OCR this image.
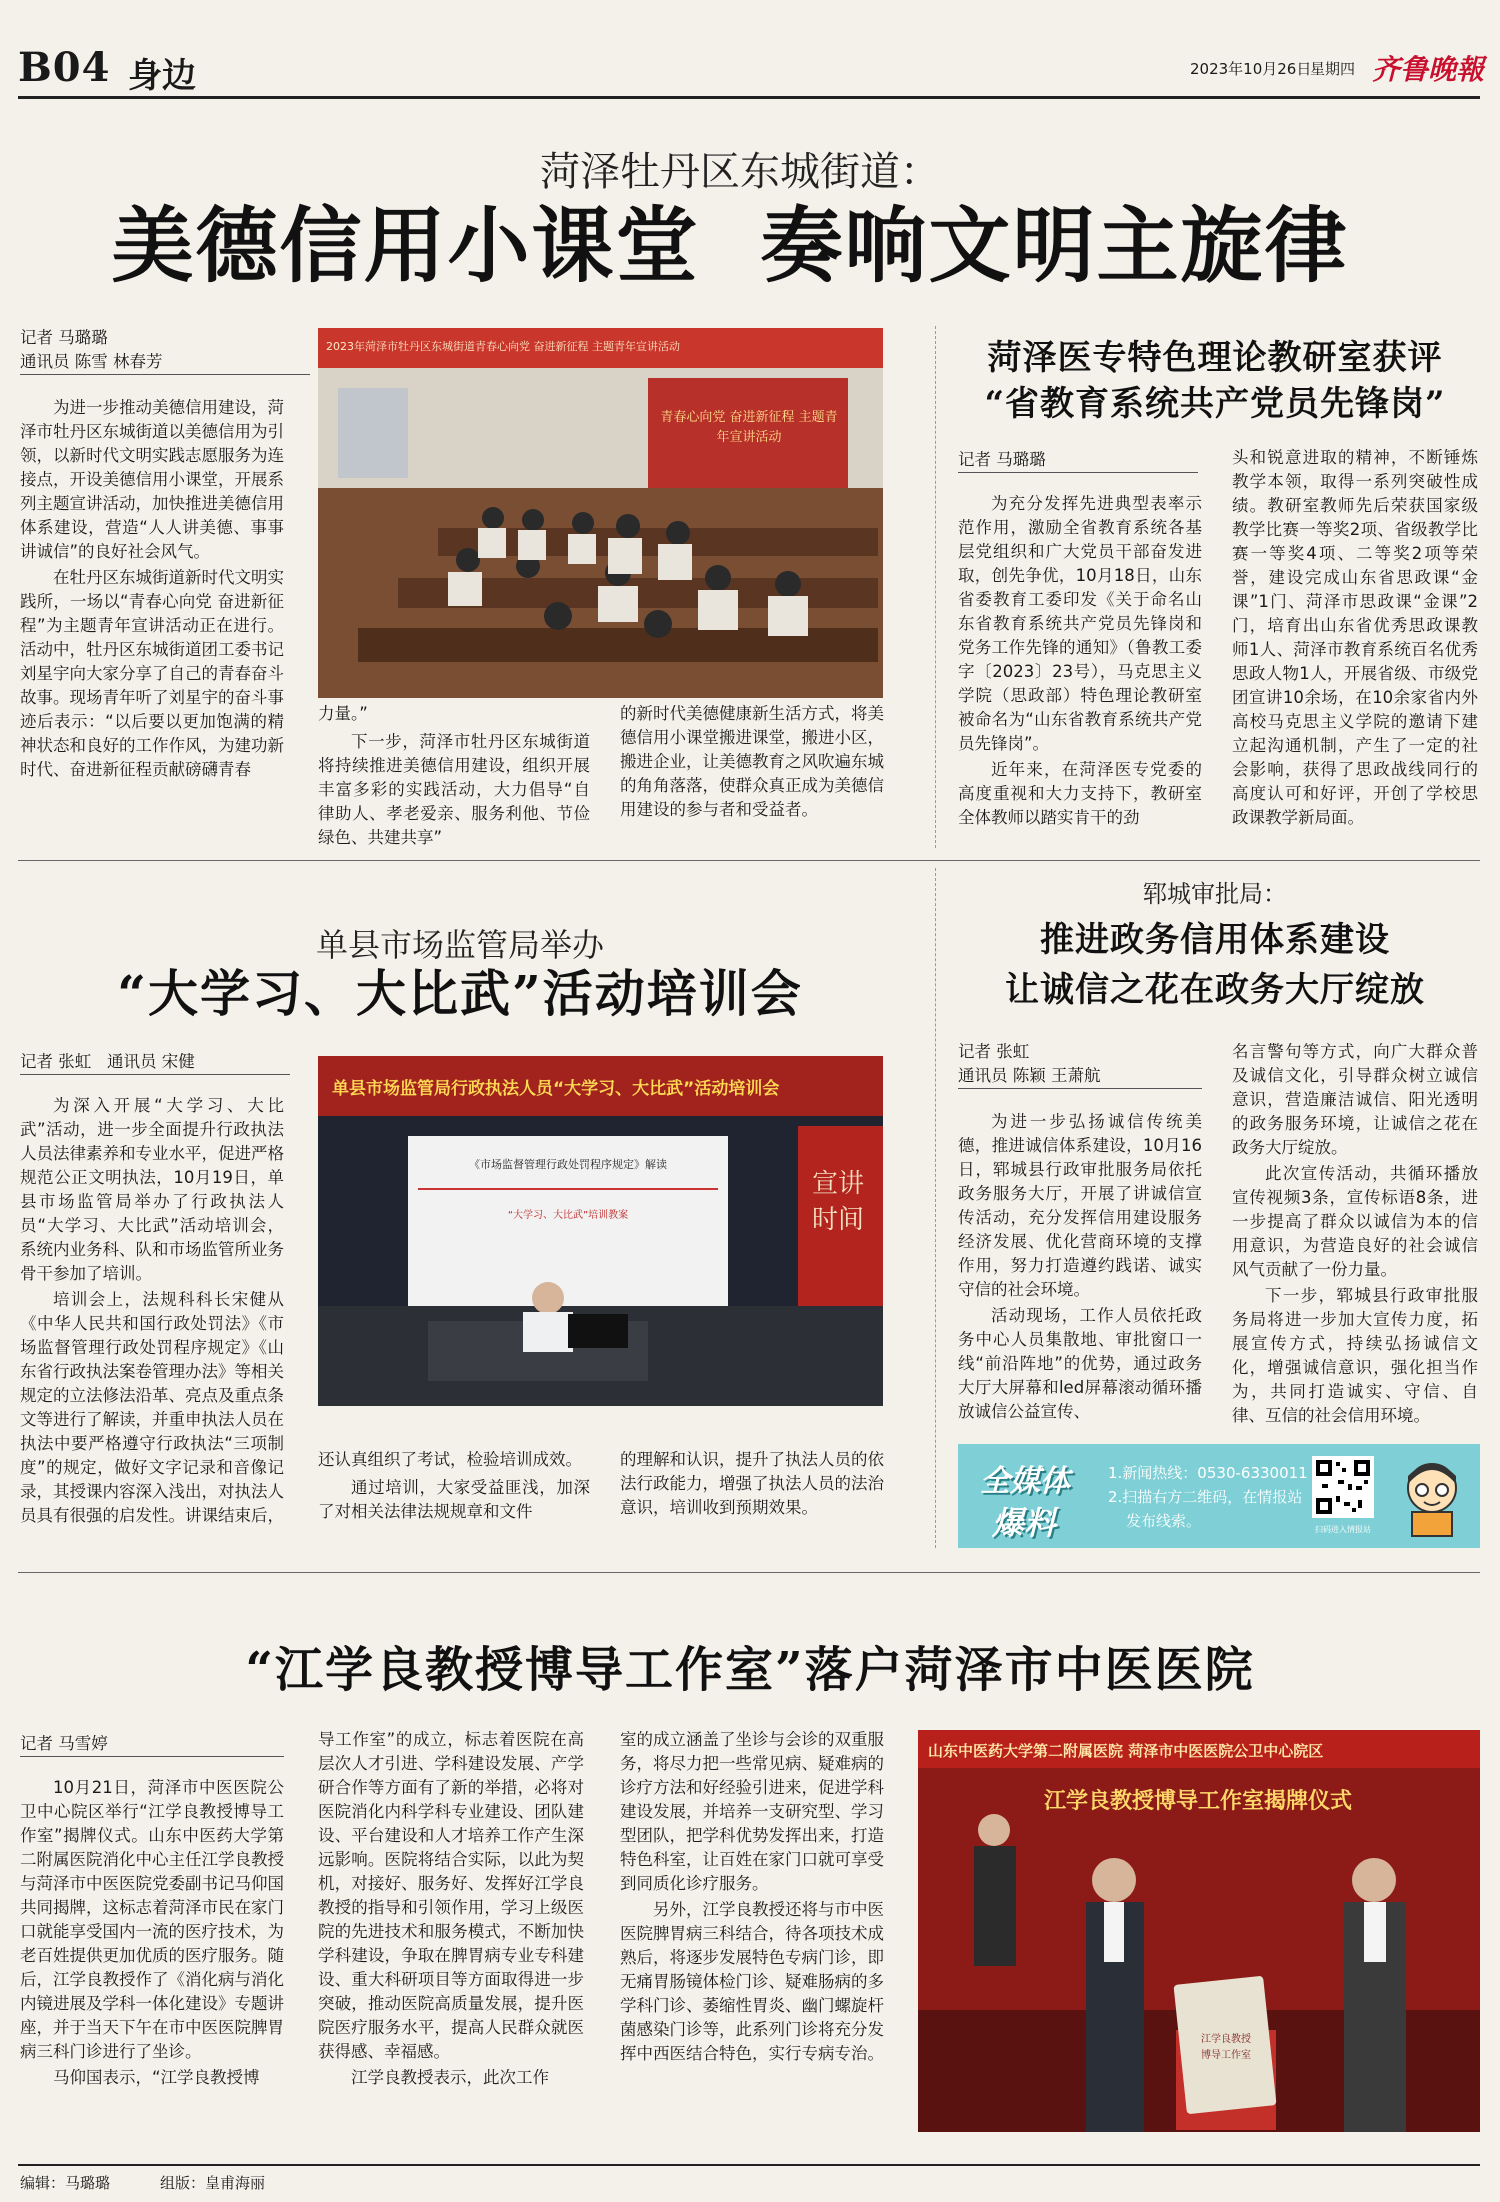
B04 身边	2023年10月26日
星期四 齐鲁晚報
菏泽牡丹区东城街道：
美德信用小课堂  奏响文明主旋律
记者 马璐璐
通讯员 陈雪 林春芳

为进一步推动美德信用建设，菏泽市牡丹区东城街道以美德信用为引领，以新时代文明实践志愿服务为连接点，开设美德信用小课堂，开展系列主题宣讲活动，加快推进美德信用体系建设，营造“人人讲美德、事事讲诚信”的良好社会风气。

在牡丹区东城街道新时代文明实践所，一场以“青春心向党 奋进新征程”为主题青年宣讲活动正在进行。活动中，牡丹区东城街道团工委书记刘星宇向大家分享了自己的青春奋斗故事。现场青年听了刘星宇的奋斗事迹后表示：“以后要以更加饱满的精神状态和良好的工作作风，为建功新时代、奋进新征程贡献磅礴青春

2023年菏泽市牡丹区东城街道青春心向党 奋进新征程 主题青年宣讲活动
青春心向党 奋进新征程 主题青年宣讲活动

力量。”

下一步，菏泽市牡丹区东城街道将持续推进美德信用建设，组织开展丰富多彩的实践活动，大力倡导“自律助人、孝老爱亲、服务利他、节俭绿色、共建共享”

的新时代美德健康新生活方式，将美德信用小课堂搬进课堂，搬进小区，搬进企业，让美德教育之风吹遍东城的角角落落，使群众真正成为美德信用建设的参与者和受益者。

菏泽医专特色理论教研室获评
“省教育系统共产党员先锋岗”
记者 马璐璐

为充分发挥先进典型表率示范作用，激励全省教育系统各基层党组织和广大党员干部奋发进取，创先争优，10月18日，山东省委教育工委印发《关于命名山东省教育系统共产党员先锋岗和党务工作先锋的通知》（鲁教工委字〔2023〕23号），马克思主义学院（思政部）特色理论教研室被命名为“山东省教育系统共产党员先锋岗”。

近年来，在菏泽医专党委的高度重视和大力支持下，教研室全体教师以踏实肯干的劲

头和锐意进取的精神，不断锤炼教学本领，取得一系列突破性成绩。教研室教师先后荣获国家级教学比赛一等奖2项、省级教学比赛一等奖4项、二等奖2项等荣誉，建设完成山东省思政课“金课”1门、菏泽市思政课“金课”2门，培育出山东省优秀思政课教师1人、菏泽市教育系统百名优秀思政人物1人，开展省级、市级党团宣讲10余场，在10余家省内外高校马克思主义学院的邀请下建立起沟通机制，产生了一定的社会影响，获得了思政战线同行的高度认可和好评，开创了学校思政课教学新局面。

单县市场监管局举办
“大学习、大比武”活动培训会
记者 张虹 通讯员 宋健

为深入开展“大学习、大比武”活动，进一步全面提升行政执法人员法律素养和专业水平，促进严格规范公正文明执法，10月19日，单县市场监管局举办了行政执法人员“大学习、大比武”活动培训会，系统内业务科、队和市场监管所业务骨干参加了培训。

培训会上，法规科科长宋健从《中华人民共和国行政处罚法》《市场监督管理行政处罚程序规定》《山东省行政执法案卷管理办法》等相关规定的立法修法沿革、亮点及重点条文等进行了解读，并重申执法人员在执法中要严格遵守行政执法“三项制度”的规定，做好文字记录和音像记录，其授课内容深入浅出，对执法人员具有很强的启发性。讲课结束后，

单县市场监管局行政执法人员“大学习、大比武”活动培训会
《市场监督管理行政处罚程序规定》解读
“大学习、大比武”培训教案
宣讲时间

还认真组织了考试，检验培训成效。

通过培训，大家受益匪浅，加深了对相关法律法规规章和文件

的理解和认识，提升了执法人员的依法行政能力，增强了执法人员的法治意识，培训收到预期效果。

郓城审批局：
推进政务信用体系建设
让诚信之花在政务大厅绽放
记者 张虹
通讯员 陈颖 王萧航

为进一步弘扬诚信传统美德，推进诚信体系建设，10月16日，郓城县行政审批服务局依托政务服务大厅，开展了讲诚信宣传活动，充分发挥信用建设服务经济发展、优化营商环境的支撑作用，努力打造遵约践诺、诚实守信的社会环境。

活动现场，工作人员依托政务中心人员集散地、审批窗口一线“前沿阵地”的优势，通过政务大厅大屏幕和led屏幕滚动循环播放诚信公益宣传、

名言警句等方式，向广大群众普及诚信文化，引导群众树立诚信意识，营造廉洁诚信、阳光透明的政务服务环境，让诚信之花在政务大厅绽放。

此次宣传活动，共循环播放宣传视频3条，宣传标语8条，进一步提高了群众以诚信为本的信用意识，为营造良好的社会诚信风气贡献了一份力量。

下一步，郓城县行政审批服务局将进一步加大宣传力度，拓展宣传方式，持续弘扬诚信文化，增强诚信意识，强化担当作为，共同打造诚实、守信、自律、互信的社会信用环境。

全媒体
爆料
1.新闻热线：0530-6330011
2.扫描右方二维码，在情报站
发布线索。	扫码进入情报站
“江学良教授博导工作室”落户菏泽市中医医院
记者 马雪婷

10月21日，菏泽市中医医院公卫中心院区举行“江学良教授博导工作室”揭牌仪式。山东中医药大学第二附属医院消化中心主任江学良教授与菏泽市中医医院党委副书记马仰国共同揭牌，这标志着菏泽市民在家门口就能享受国内一流的医疗技术，为老百姓提供更加优质的医疗服务。随后，江学良教授作了《消化病与消化内镜进展及学科一体化建设》专题讲座，并于当天下午在市中医医院脾胃病三科门诊进行了坐诊。

马仰国表示，“江学良教授博

导工作室”的成立，标志着医院在高层次人才引进、学科建设发展、产学研合作等方面有了新的举措，必将对医院消化内科学科专业建设、团队建设、平台建设和人才培养工作产生深远影响。医院将结合实际，以此为契机，对接好、服务好、发挥好江学良教授的指导和引领作用，学习上级医院的先进技术和服务模式，不断加快学科建设，争取在脾胃病专业专科建设、重大科研项目等方面取得进一步突破，推动医院高质量发展，提升医院医疗服务水平，提高人民群众就医获得感、幸福感。

江学良教授表示，此次工作

室的成立涵盖了坐诊与会诊的双重服务，将尽力把一些常见病、疑难病的诊疗方法和好经验引进来，促进学科建设发展，并培养一支研究型、学习型团队，把学科优势发挥出来，打造特色科室，让百姓在家门口就可享受到同质化诊疗服务。

另外，江学良教授还将与市中医医院脾胃病三科结合，待各项技术成熟后，将逐步发展特色专病门诊，即无痛胃肠镜体检门诊、疑难肠病的多学科门诊、萎缩性胃炎、幽门螺旋杆菌感染门诊等，此系列门诊将充分发挥中西医结合特色，实行专病专治。

山东中医药大学第二附属医院 菏泽市中医医院公卫中心院区
江学良教授博导工作室揭牌仪式
江学良教授
博导工作室
编辑：马璐璐	组版：皇甫海丽
